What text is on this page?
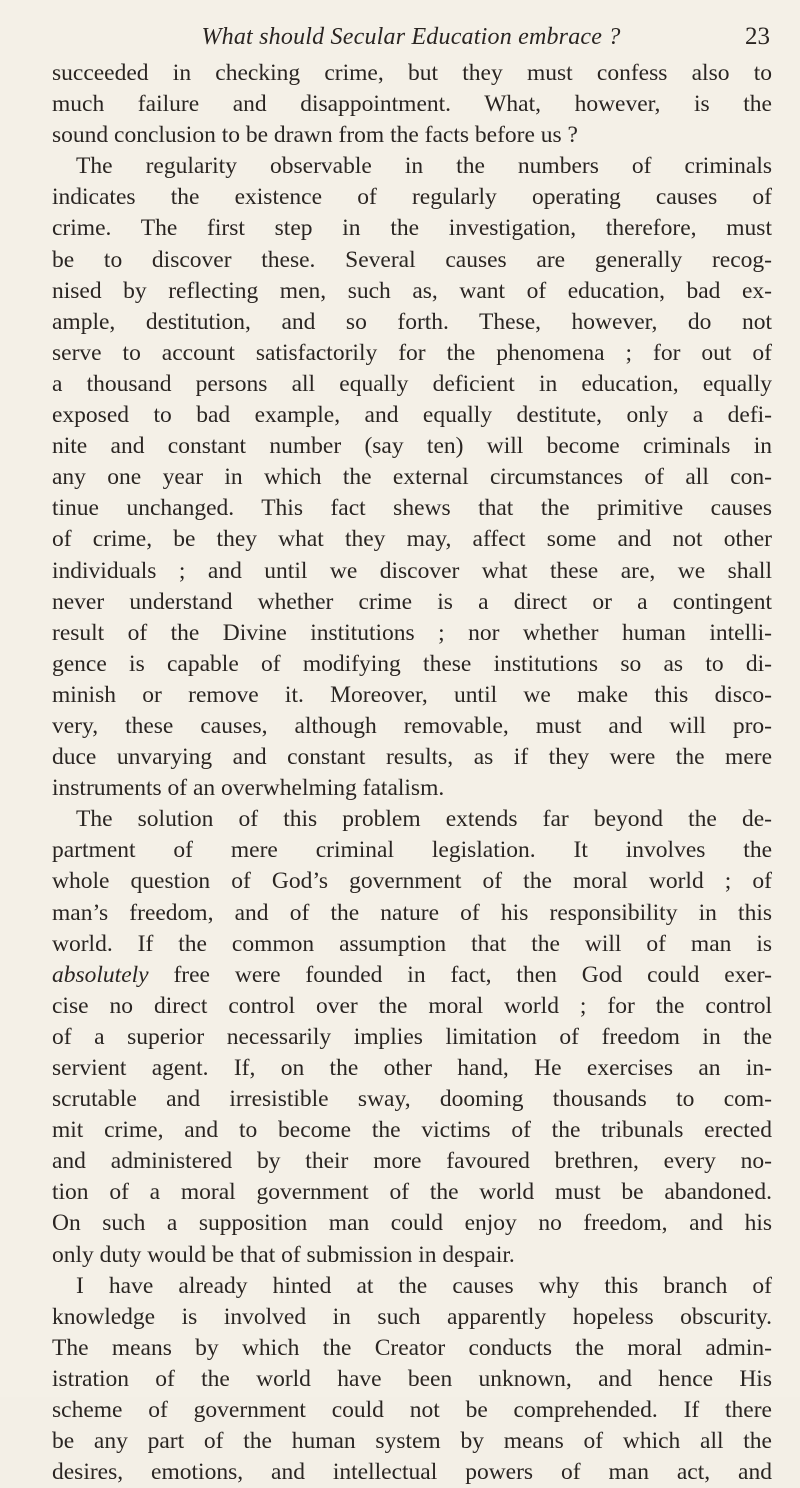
What should Secular Education embrace ?	23
succeeded in checking crime, but they must confess also to
much failure and disappointment. What, however, is the
sound conclusion to be drawn from the facts before us ?
The regularity observable in the numbers of criminals
indicates the existence of regularly operating causes of
crime. The first step in the investigation, therefore, must
be to discover these. Several causes are generally recog-
nised by reflecting men, such as, want of education, bad ex-
ample, destitution, and so forth. These, however, do not
serve to account satisfactorily for the phenomena ; for out of
a thousand persons all equally deficient in education, equally
exposed to bad example, and equally destitute, only a defi-
nite and constant number (say ten) will become criminals in
any one year in which the external circumstances of all con-
tinue unchanged. This fact shews that the primitive causes
of crime, be they what they may, affect some and not other
individuals ; and until we discover what these are, we shall
never understand whether crime is a direct or a contingent
result of the Divine institutions ; nor whether human intelli-
gence is capable of modifying these institutions so as to di-
minish or remove it. Moreover, until we make this disco-
very, these causes, although removable, must and will pro-
duce unvarying and constant results, as if they were the mere
instruments of an overwhelming fatalism.
The solution of this problem extends far beyond the de-
partment of mere criminal legislation. It involves the
whole question of God’s government of the moral world ; of
man’s freedom, and of the nature of his responsibility in this
world. If the common assumption that the will of man is
absolutely free were founded in fact, then God could exer-
cise no direct control over the moral world ; for the control
of a superior necessarily implies limitation of freedom in the
servient agent. If, on the other hand, He exercises an in-
scrutable and irresistible sway, dooming thousands to com-
mit crime, and to become the victims of the tribunals erected
and administered by their more favoured brethren, every no-
tion of a moral government of the world must be abandoned.
On such a supposition man could enjoy no freedom, and his
only duty would be that of submission in despair.
I have already hinted at the causes why this branch of
knowledge is involved in such apparently hopeless obscurity.
The means by which the Creator conducts the moral admin-
istration of the world have been unknown, and hence His
scheme of government could not be comprehended. If there
be any part of the human system by means of which all the
desires, emotions, and intellectual powers of man act, and
